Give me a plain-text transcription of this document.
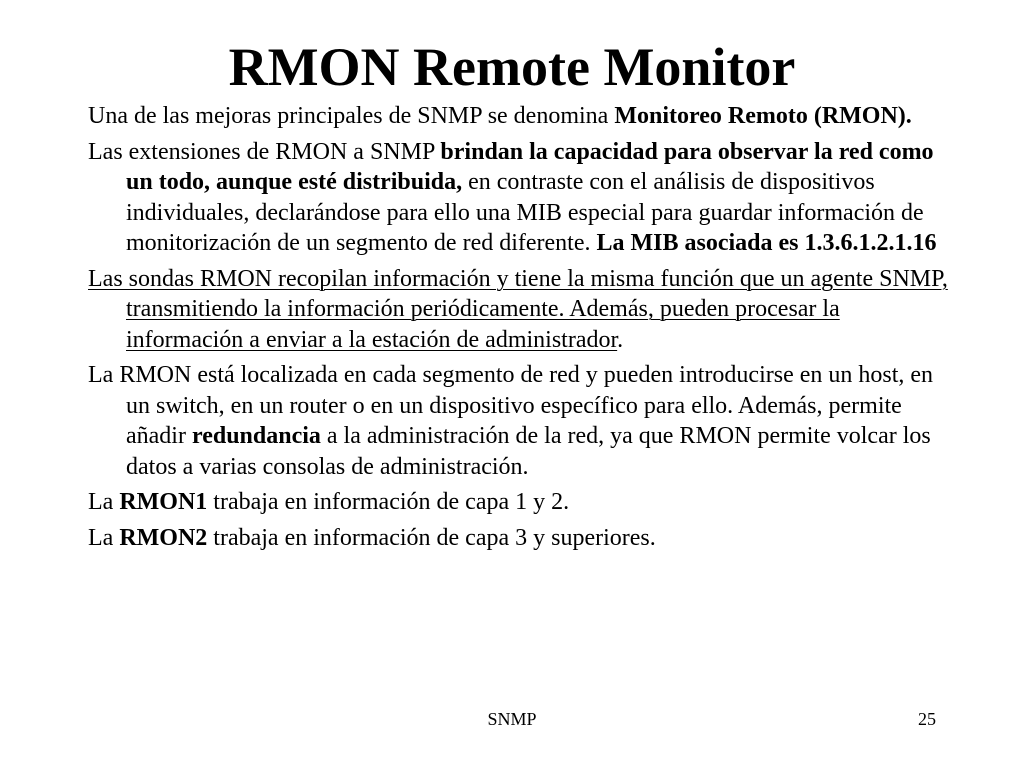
RMON Remote Monitor

Una de las mejoras principales de SNMP se denomina Monitoreo Remoto (RMON).

Las extensiones de RMON a SNMP brindan la capacidad para observar la red como un todo, aunque esté distribuida, en contraste con el análisis de dispositivos individuales, declarándose para ello una MIB especial para guardar información de monitorización de un segmento de red diferente. La MIB asociada es 1.3.6.1.2.1.16

Las sondas RMON recopilan información y tiene la misma función que un agente SNMP, transmitiendo la información periódicamente. Además, pueden procesar la información a enviar a la estación de administrador.

La RMON está localizada en cada segmento de red y pueden introducirse en un host, en un switch, en un router o en un dispositivo específico para ello. Además, permite añadir redundancia a la administración de la red, ya que RMON permite volcar los datos a varias consolas de administración.

La RMON1 trabaja en información de capa 1 y 2.

La RMON2 trabaja en información de capa 3 y superiores.

SNMP	25
